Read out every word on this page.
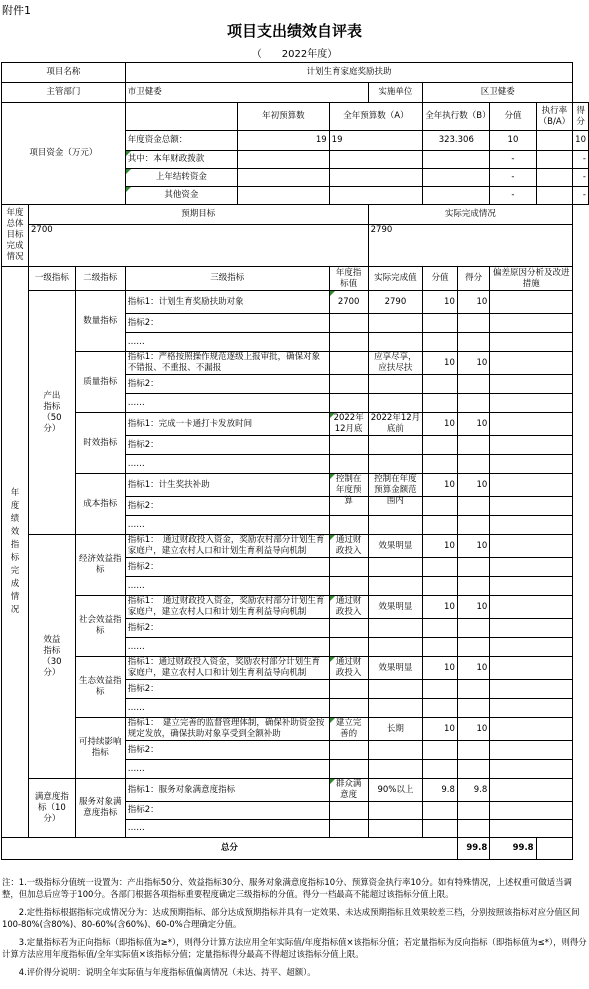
附件1
项目支出绩效自评表
（　　2022年度）
项目名称			计划生育家庭奖励扶助								
主管部门			市卫健委			实施单位	区卫健委				
项目资金（万元）				年初预算数	全年预算数（A）		全年执行数（B）		分值	执行率（B/A）	得分
			年度资金总额：	19	19		323.306		10		10
			其中：本年财政拨款						-		-
			上年结转资金						-		-
			其他资金						-		-

年度总体目标完成情况	预期目标					实际完成情况					
	2700					2790					

年度绩效指标完成情况	一级指标	二级指标	三级指标		年度指标值	实际完成值	分值	得分	偏差原因分析及改进措施		

	产出指标（50分）	数量指标	指标1：计划生育奖励扶助对象		2700	2790	10	10			

			指标2：								

			……								

		质量指标	指标1：严格按照操作规范逐级上报审批，确保对象不错报、不重报、不漏报			应享尽享，应扶尽扶	10	10			

			指标2：								

			……								

		时效指标	指标1：完成一卡通打卡发放时间		2022年12月底	2022年12月底前	10	10			

			指标2：								

			……								

		成本指标	指标1：计生奖扶补助		控制在年度预算	控制在年度预算金额范围内	10	10			

			指标2：								

			……								

	效益指标（30分）	经济效益指标	指标1：　通过财政投入资金，奖励农村部分计划生育家庭户，建立农村人口和计划生育利益导向机制		通过财政投入	效果明显	10	10			

			指标2：								

			……								

		社会效益指标	指标1：　通过财政投入资金，奖励农村部分计划生育家庭户，建立农村人口和计划生育利益导向机制		通过财政投入	效果明显	10	10			

			指标2：								

			……								

		生态效益指标	指标1：通过财政投入资金，奖励农村部分计划生育家庭户，建立农村人口和计划生育利益导向机制		通过财政投入	效果明显	10	10			

			指标2：								

			……								

		可持续影响指标	指标1：　建立完善的监督管理体制，确保补助资金按规定发放，确保扶助对象享受到全额补助		建立完善的	长期	10	10			

			指标2：								

			……								

	满意度指标（10分）	服务对象满意度指标	指标1：服务对象满意度指标		群众满意度	90%以上	9.8	9.8			

			指标2：								

			……								

总分								99.8	99.8		

注：1.一级指标分值统一设置为：产出指标50分、效益指标30分、服务对象满意度指标10分、预算资金执行率10分。如有特殊情况，上述权重可做适当调整，但加总后应等于100分。各部门根据各项指标重要程度确定三级指标的分值。得分一档最高不能超过该指标分值上限。

　　2.定性指标根据指标完成情况分为：达成预期指标、部分达成预期指标并具有一定效果、未达成预期指标且效果较差三档，分别按照该指标对应分值区间100-80%(含80%)、80-60%(含60%)、60-0%合理确定分值。

　　3.定量指标若为正向指标（即指标值为≥*），则得分计算方法应用全年实际值/年度指标值×该指标分值；若定量指标为反向指标（即指标值为≤*），则得分计算方法应用年度指标值/全年实际值×该指标分值；定量指标得分最高不得超过该指标分值上限。

　　4.评价得分说明：说明全年实际值与年度指标值偏离情况（未达、持平、超额）。
